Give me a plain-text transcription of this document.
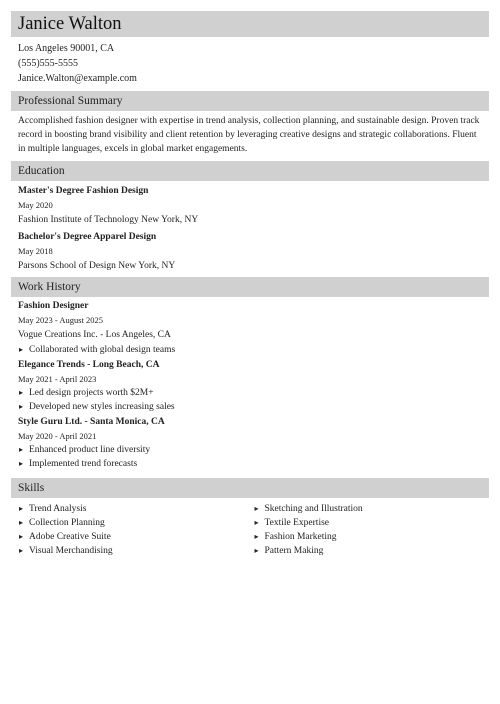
Janice Walton
Los Angeles 90001, CA
(555)555-5555
Janice.Walton@example.com
Professional Summary
Accomplished fashion designer with expertise in trend analysis, collection planning, and sustainable design. Proven track record in boosting brand visibility and client retention by leveraging creative designs and strategic collaborations. Fluent in multiple languages, excels in global market engagements.
Education
Master's Degree Fashion Design
May 2020
Fashion Institute of Technology New York, NY
Bachelor's Degree Apparel Design
May 2018
Parsons School of Design New York, NY
Work History
Fashion Designer
May 2023 - August 2025
Vogue Creations Inc. - Los Angeles, CA
▸ Collaborated with global design teams
Elegance Trends - Long Beach, CA
May 2021 - April 2023
▸ Led design projects worth $2M+
▸ Developed new styles increasing sales
Style Guru Ltd. - Santa Monica, CA
May 2020 - April 2021
▸ Enhanced product line diversity
▸ Implemented trend forecasts
Skills
▸ Trend Analysis
▸ Collection Planning
▸ Adobe Creative Suite
▸ Visual Merchandising
▸ Sketching and Illustration
▸ Textile Expertise
▸ Fashion Marketing
▸ Pattern Making
